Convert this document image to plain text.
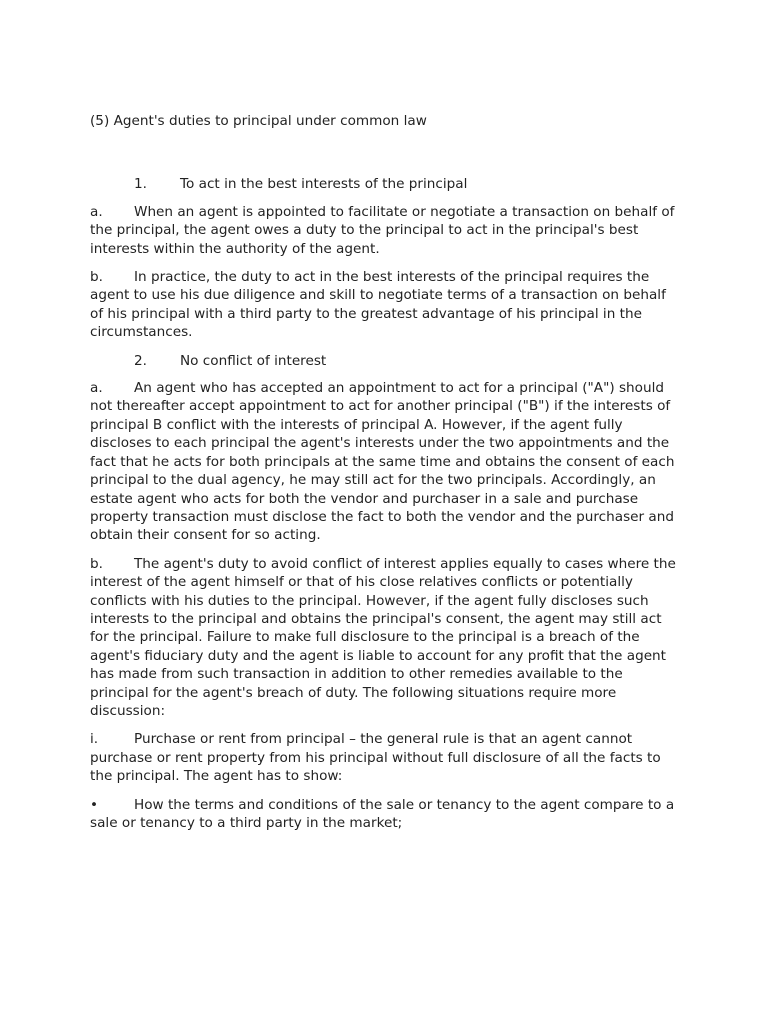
(5) Agent's duties to principal under common law

1. To act in the best interests of the principal

a. When an agent is appointed to facilitate or negotiate a transaction on behalf of the principal, the agent owes a duty to the principal to act in the principal's best interests within the authority of the agent.

b. In practice, the duty to act in the best interests of the principal requires the agent to use his due diligence and skill to negotiate terms of a transaction on behalf of his principal with a third party to the greatest advantage of his principal in the circumstances.

2. No conflict of interest

a. An agent who has accepted an appointment to act for a principal ("A") should not thereafter accept appointment to act for another principal ("B") if the interests of principal B conflict with the interests of principal A. However, if the agent fully discloses to each principal the agent's interests under the two appointments and the fact that he acts for both principals at the same time and obtains the consent of each principal to the dual agency, he may still act for the two principals. Accordingly, an estate agent who acts for both the vendor and purchaser in a sale and purchase property transaction must disclose the fact to both the vendor and the purchaser and obtain their consent for so acting.

b. The agent's duty to avoid conflict of interest applies equally to cases where the interest of the agent himself or that of his close relatives conflicts or potentially conflicts with his duties to the principal. However, if the agent fully discloses such interests to the principal and obtains the principal's consent, the agent may still act for the principal. Failure to make full disclosure to the principal is a breach of the agent's fiduciary duty and the agent is liable to account for any profit that the agent has made from such transaction in addition to other remedies available to the principal for the agent's breach of duty. The following situations require more discussion:

i.	Purchase or rent from principal – the general rule is that an agent cannot purchase or rent property from his principal without full disclosure of all the facts to the principal. The agent has to show:

•	How the terms and conditions of the sale or tenancy to the agent compare to a sale or tenancy to a third party in the market;
